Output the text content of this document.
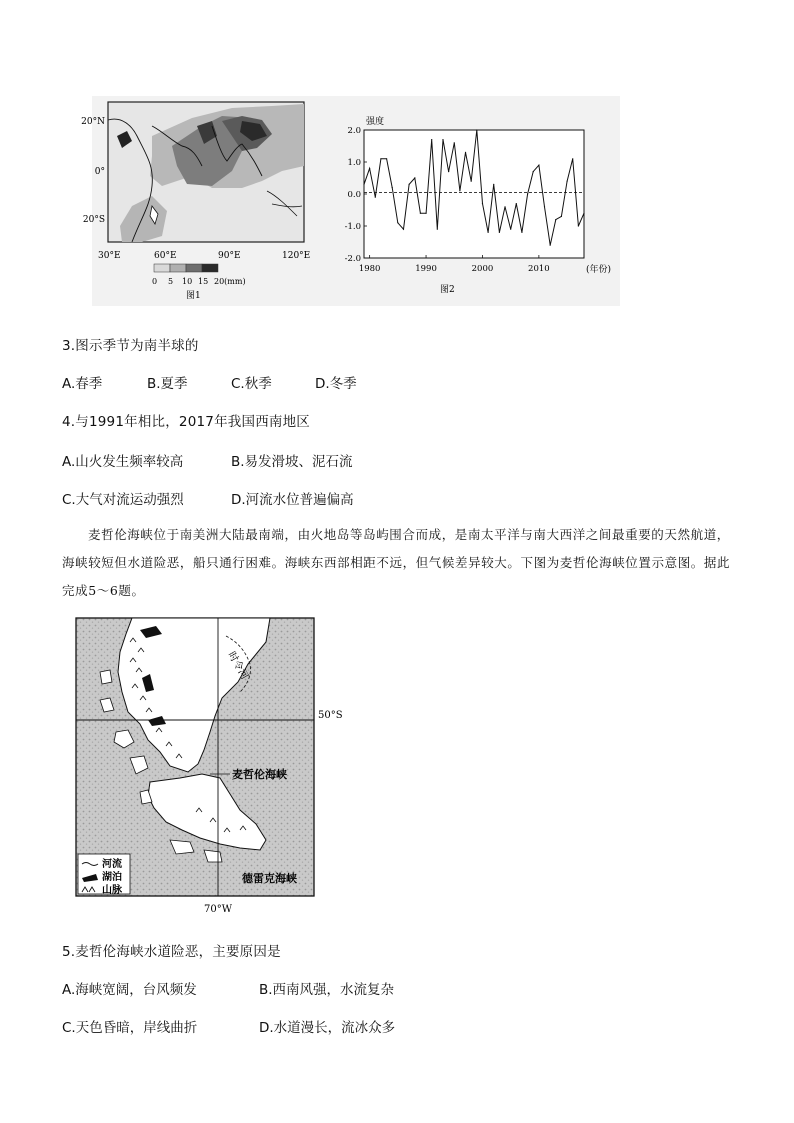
20°N
0°
20°S
30°E	60°E	90°E	120°E
0 5 10 15 20(mm)
图1
2.0
1.0
0.0
-1.0
-2.0
1980	1990	2000	2010
强度
(年份)
图2
3.图示季节为南半球的
A.春季	B.夏季	C.秋季	D.冬季
4.与1991年相比，2017年我国西南地区
A.山火发生频率较高	B.易发滑坡、泥石流
C.大气对流运动强烈	D.河流水位普遍偏高
麦哲伦海峡位于南美洲大陆最南端，由火地岛等岛屿围合而成，是南太平洋与南大西洋之间最重要的天然航道，海峡较短但水道险恶，船只通行困难。海峡东西部相距不远，但气候差异较大。下图为麦哲伦海峡位置示意图。据此完成5～6题。
时令河
50°S
麦哲伦海峡
德雷克海峡
70°W
河流
湖泊
山脉
5.麦哲伦海峡水道险恶，主要原因是
A.海峡宽阔，台风频发	B.西南风强，水流复杂
C.天色昏暗，岸线曲折	D.水道漫长，流冰众多
